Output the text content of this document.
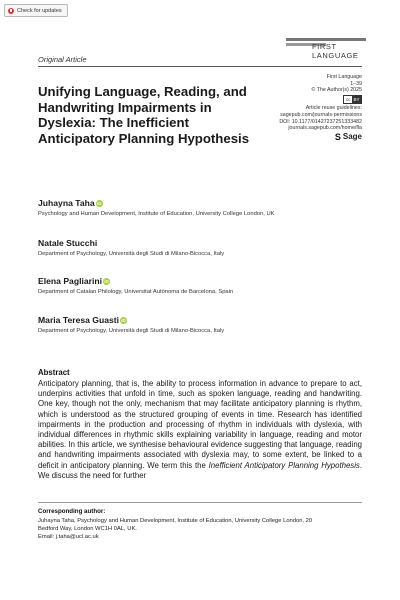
Check for updates
FIRST
LANGUAGE
Original Article
Unifying Language, Reading, and Handwriting Impairments in Dyslexia: The Inefficient Anticipatory Planning Hypothesis
First Language
1–39
© The Author(s) 2025
cc BY
Article reuse guidelines:
sagepub.com/journals-permissions
DOI: 10.1177/01427237251333482
journals.sagepub.com/home/fla
S Sage
Juhayna Taha iD
Psychology and Human Development, Institute of Education, University College London, UK
Natale Stucchi
Department of Psychology, Università degli Studi di Milano-Bicocca, Italy
Elena Pagliarini iD
Department of Catalan Philology, Universitat Autònoma de Barcelona, Spain
Maria Teresa Guasti iD
Department of Psychology, Università degli Studi di Milano-Bicocca, Italy
Abstract
Anticipatory planning, that is, the ability to process information in advance to prepare to act, underpins activities that unfold in time, such as spoken language, reading and handwriting. One key, though not the only, mechanism that may facilitate anticipatory planning is rhythm, which is understood as the structured grouping of events in time. Research has identified impairments in the production and processing of rhythm in individuals with dyslexia, with individual differences in rhythmic skills explaining variability in language, reading and motor abilities. In this article, we synthesise behavioural evidence suggesting that language, reading and handwriting impairments associated with dyslexia may, to some extent, be linked to a deficit in anticipatory planning. We term this the Inefficient Anticipatory Planning Hypothesis. We discuss the need for further
Corresponding author:
Juhayna Taha, Psychology and Human Development, Institute of Education, University College London, 20
Bedford Way, London WC1H 0AL, UK.
Email: j.taha@ucl.ac.uk
